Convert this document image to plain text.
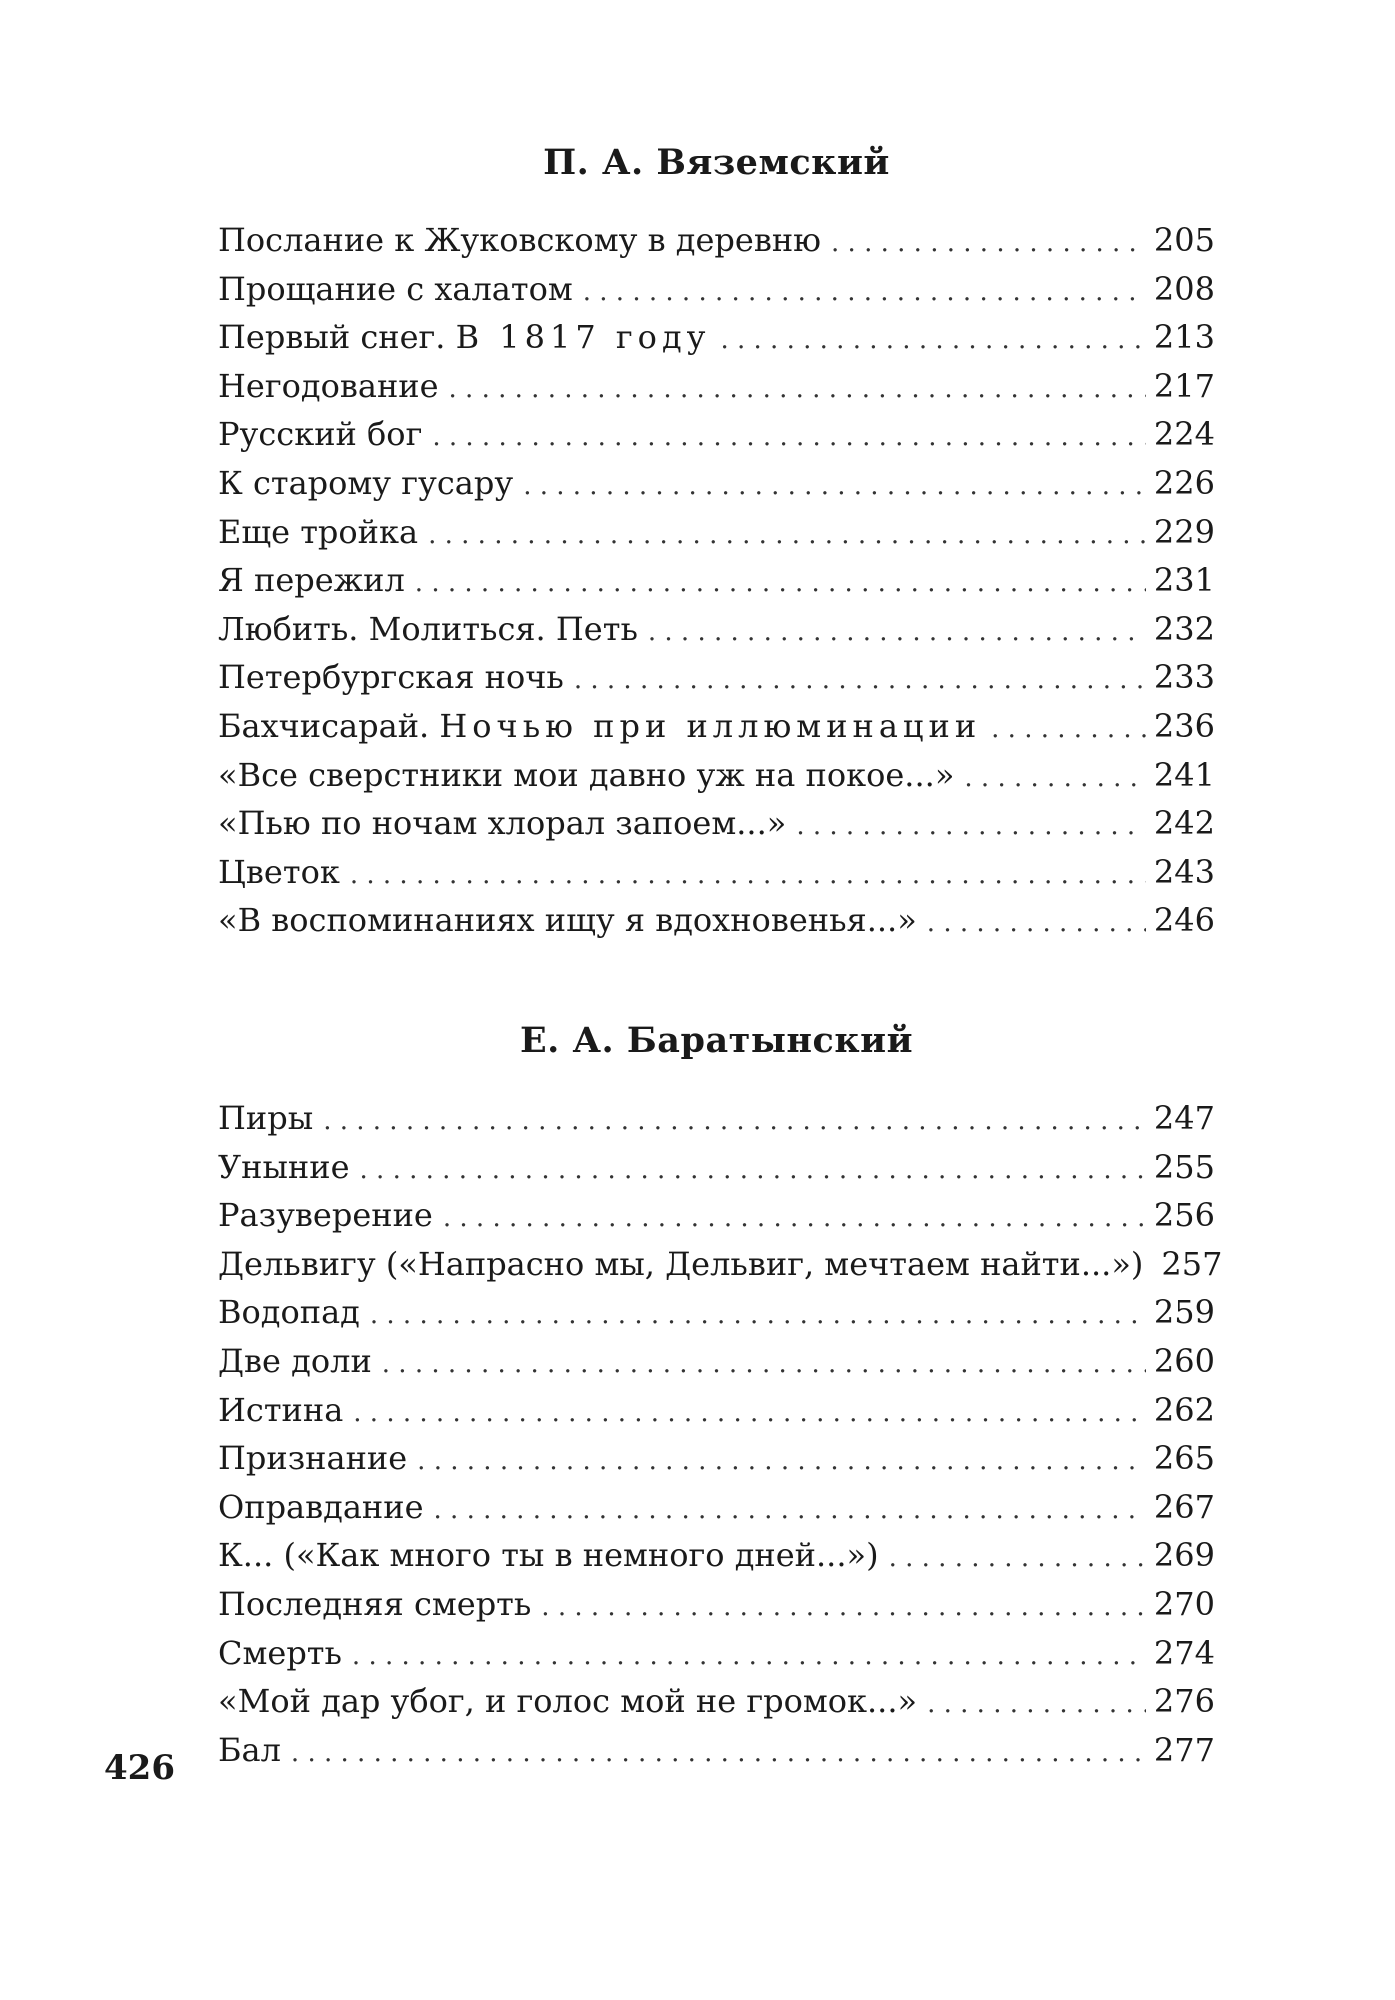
П. А. Вяземский
Послание к Жуковскому в деревню . . .	205
Прощание с халатом . . .	208
Первый снег. В 1817 году . . .	213
Негодование . . .	217
Русский бог . . .	224
К старому гусару . . .	226
Еще тройка . . .	229
Я пережил . . .	231
Любить. Молиться. Петь . . .	232
Петербургская ночь . . .	233
Бахчисарай. Ночью при иллюминации . . .	236
«Все сверстники мои давно уж на покое...» . . .	241
«Пью по ночам хлорал запоем...» . . .	242
Цветок . . .	243
«В воспоминаниях ищу я вдохновенья...» . . .	246
Е. А. Баратынский
Пиры . . .	247
Уныние . . .	255
Разуверение . . .	256
Дельвигу («Напрасно мы, Дельвиг, мечтаем найти...») 257
Водопад . . .	259
Две доли . . .	260
Истина . . .	262
Признание . . .	265
Оправдание . . .	267
К... («Как много ты в немного дней...») . . .	269
Последняя смерть . . .	270
Смерть . . .	274
«Мой дар убог, и голос мой не громок...» . . .	276
Бал . . .	277
426
